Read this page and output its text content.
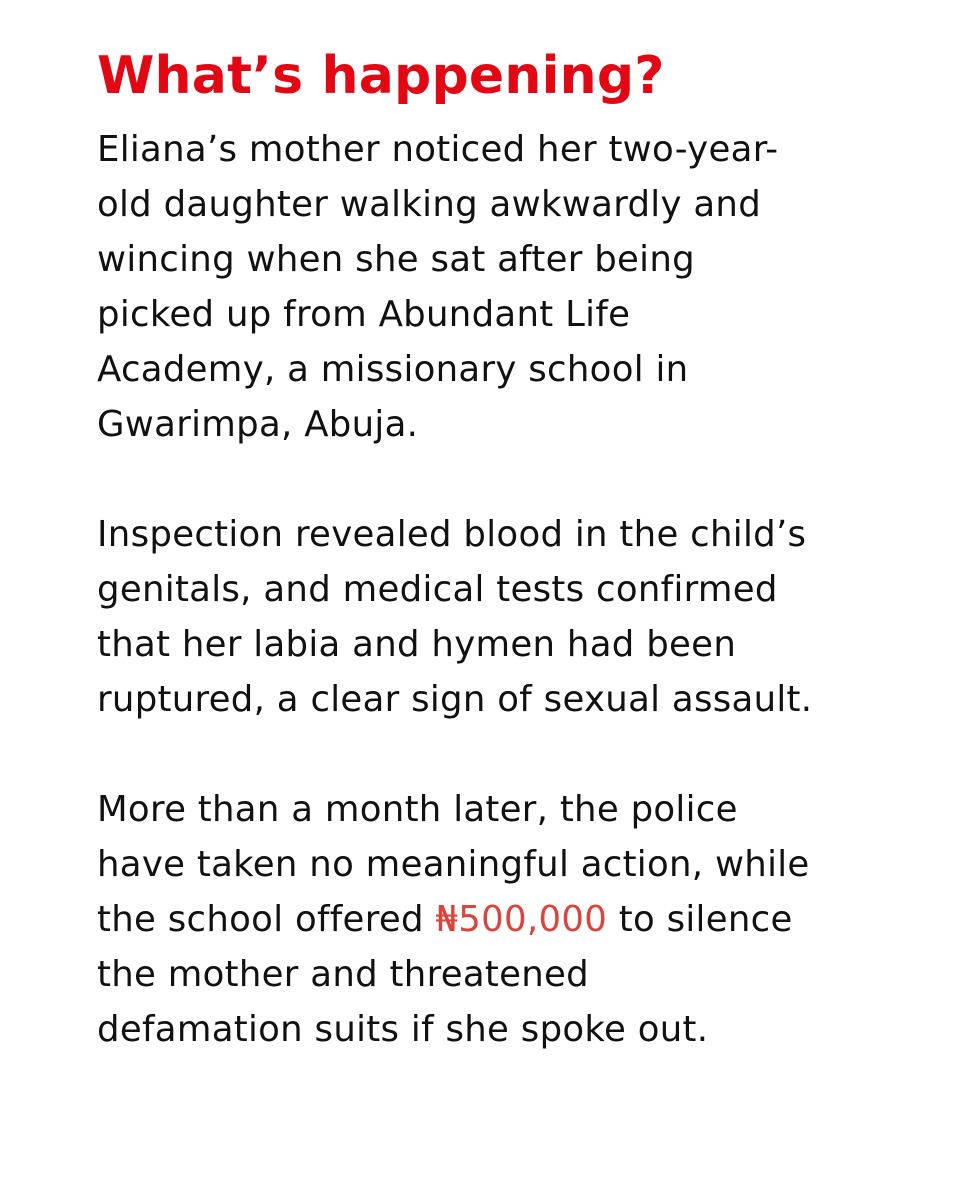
What’s happening?

Eliana’s mother noticed her two-year-
old daughter walking awkwardly and
wincing when she sat after being
picked up from Abundant Life
Academy, a missionary school in
Gwarimpa, Abuja.

Inspection revealed blood in the child’s
genitals, and medical tests confirmed
that her labia and hymen had been
ruptured, a clear sign of sexual assault.

More than a month later, the police
have taken no meaningful action, while
the school offered ₦500,000 to silence
the mother and threatened
defamation suits if she spoke out.
